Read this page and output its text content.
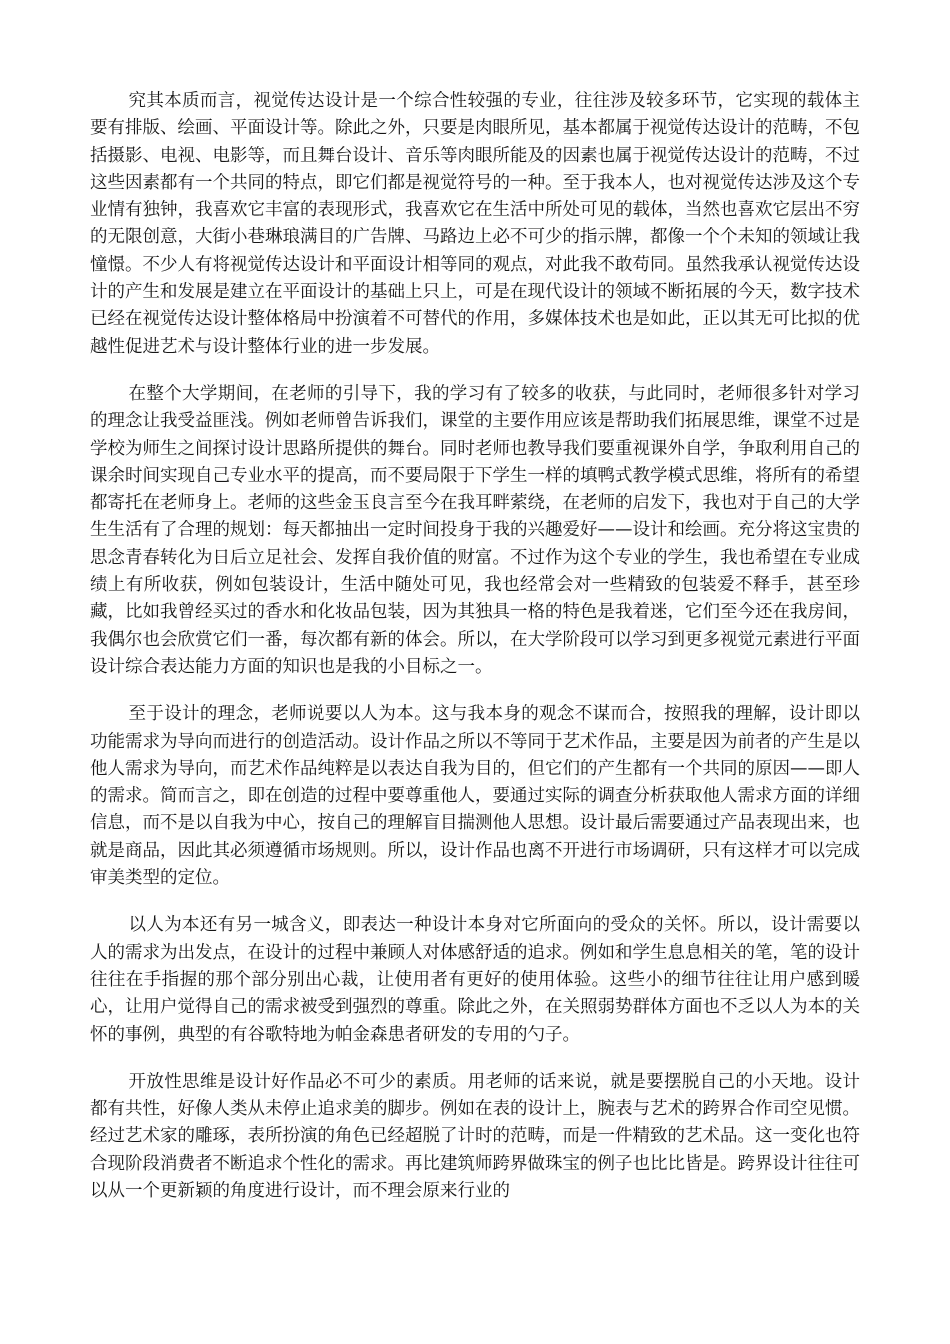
究其本质而言，视觉传达设计是一个综合性较强的专业，往往涉及较多环节，它实现的载体主要有排版、绘画、平面设计等。除此之外，只要是肉眼所见，基本都属于视觉传达设计的范畴，不包括摄影、电视、电影等，而且舞台设计、音乐等肉眼所能及的因素也属于视觉传达设计的范畴，不过这些因素都有一个共同的特点，即它们都是视觉符号的一种。至于我本人，也对视觉传达涉及这个专业情有独钟，我喜欢它丰富的表现形式，我喜欢它在生活中所处可见的载体，当然也喜欢它层出不穷的无限创意，大街小巷琳琅满目的广告牌、马路边上必不可少的指示牌，都像一个个未知的领域让我憧憬。不少人有将视觉传达设计和平面设计相等同的观点，对此我不敢苟同。虽然我承认视觉传达设计的产生和发展是建立在平面设计的基础上只上，可是在现代设计的领域不断拓展的今天，数字技术已经在视觉传达设计整体格局中扮演着不可替代的作用，多媒体技术也是如此，正以其无可比拟的优越性促进艺术与设计整体行业的进一步发展。

在整个大学期间，在老师的引导下，我的学习有了较多的收获，与此同时，老师很多针对学习的理念让我受益匪浅。例如老师曾告诉我们，课堂的主要作用应该是帮助我们拓展思维，课堂不过是学校为师生之间探讨设计思路所提供的舞台。同时老师也教导我们要重视课外自学，争取利用自己的课余时间实现自己专业水平的提高，而不要局限于下学生一样的填鸭式教学模式思维，将所有的希望都寄托在老师身上。老师的这些金玉良言至今在我耳畔萦绕，在老师的启发下，我也对于自己的大学生生活有了合理的规划：每天都抽出一定时间投身于我的兴趣爱好——设计和绘画。充分将这宝贵的思念青春转化为日后立足社会、发挥自我价值的财富。不过作为这个专业的学生，我也希望在专业成绩上有所收获，例如包装设计，生活中随处可见，我也经常会对一些精致的包装爱不释手，甚至珍藏，比如我曾经买过的香水和化妆品包装，因为其独具一格的特色是我着迷，它们至今还在我房间，我偶尔也会欣赏它们一番，每次都有新的体会。所以，在大学阶段可以学习到更多视觉元素进行平面设计综合表达能力方面的知识也是我的小目标之一。

至于设计的理念，老师说要以人为本。这与我本身的观念不谋而合，按照我的理解，设计即以功能需求为导向而进行的创造活动。设计作品之所以不等同于艺术作品，主要是因为前者的产生是以他人需求为导向，而艺术作品纯粹是以表达自我为目的，但它们的产生都有一个共同的原因——即人的需求。简而言之，即在创造的过程中要尊重他人，要通过实际的调查分析获取他人需求方面的详细信息，而不是以自我为中心，按自己的理解盲目揣测他人思想。设计最后需要通过产品表现出来，也就是商品，因此其必须遵循市场规则。所以，设计作品也离不开进行市场调研，只有这样才可以完成审美类型的定位。

以人为本还有另一城含义，即表达一种设计本身对它所面向的受众的关怀。所以，设计需要以人的需求为出发点，在设计的过程中兼顾人对体感舒适的追求。例如和学生息息相关的笔，笔的设计往往在手指握的那个部分别出心裁，让使用者有更好的使用体验。这些小的细节往往让用户感到暖心，让用户觉得自己的需求被受到强烈的尊重。除此之外，在关照弱势群体方面也不乏以人为本的关怀的事例，典型的有谷歌特地为帕金森患者研发的专用的勺子。

开放性思维是设计好作品必不可少的素质。用老师的话来说，就是要摆脱自己的小天地。设计都有共性，好像人类从未停止追求美的脚步。例如在表的设计上，腕表与艺术的跨界合作司空见惯。经过艺术家的雕琢，表所扮演的角色已经超脱了计时的范畴，而是一件精致的艺术品。这一变化也符合现阶段消费者不断追求个性化的需求。再比建筑师跨界做珠宝的例子也比比皆是。跨界设计往往可以从一个更新颖的角度进行设计，而不理会原来行业的
